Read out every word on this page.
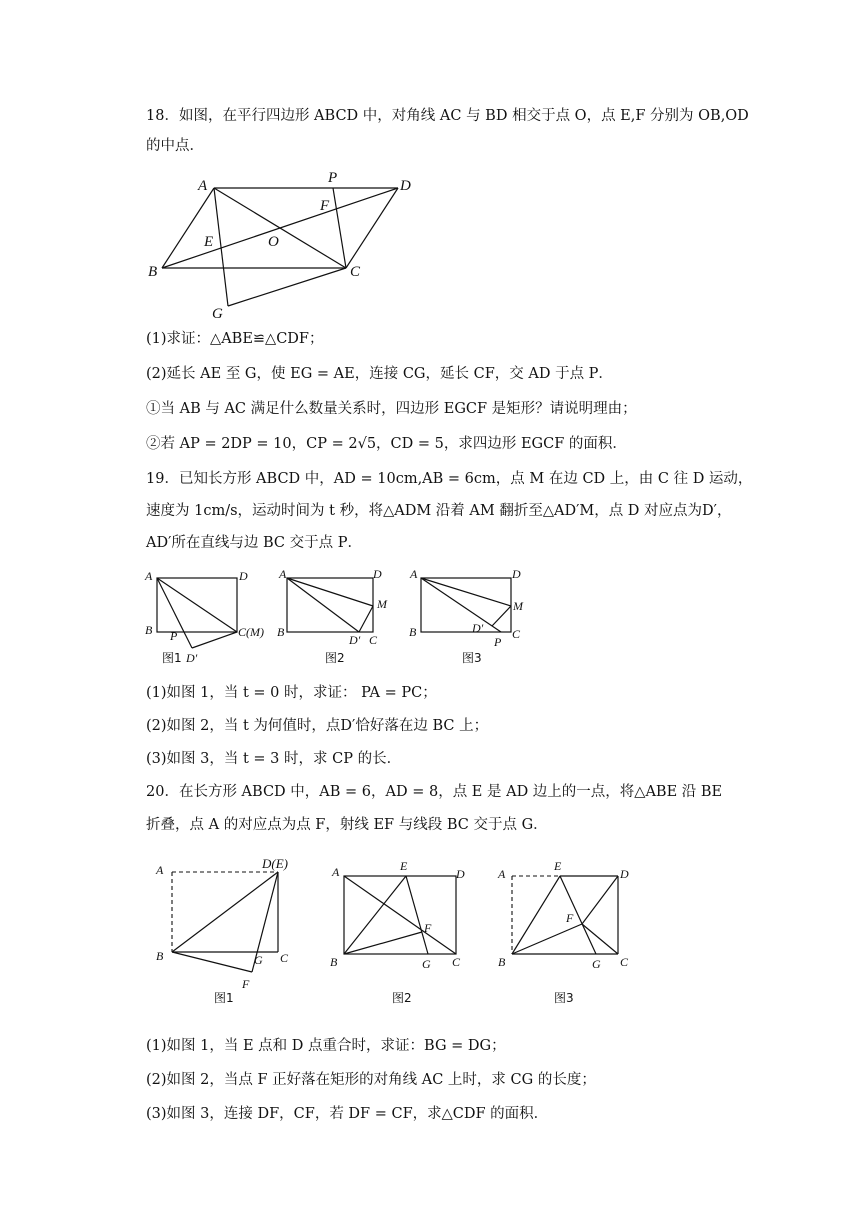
18．如图，在平行四边形 ABCD 中，对角线 AC 与 BD 相交于点 O，点 E,F 分别为 OB,OD
的中点．
A	P	D
F
E	O
B	C
G
(1)求证：△ABE≌△CDF；
(2)延长 AE 至 G，使 EG = AE，连接 CG，延长 CF，交 AD 于点 P．
①当 AB 与 AC 满足什么数量关系时，四边形 EGCF 是矩形？请说明理由；
②若 AP = 2DP = 10，CP = 2√5，CD = 5，求四边形 EGCF 的面积．
19．已知长方形 ABCD 中，AD = 10cm,AB = 6cm，点 M 在边 CD 上，由 C 往 D 运动，
速度为 1cm/s，运动时间为 t 秒，将△ADM 沿着 AM 翻折至△AD′M，点 D 对应点为D′，
AD′所在直线与边 BC 交于点 P．
A	D
B P	C(M)
D′
图1
A	D
M
B
D′ C
图2
A	D
M
B	D′ C
P
图3
(1)如图 1，当 t = 0 时，求证： PA = PC；
(2)如图 2，当 t 为何值时，点D′恰好落在边 BC 上；
(3)如图 3，当 t = 3 时，求 CP 的长．
20．在长方形 ABCD 中，AB = 6，AD = 8，点 E 是 AD 边上的一点，将△ABE 沿 BE
折叠，点 A 的对应点为点 F，射线 EF 与线段 BC 交于点 G．
A	D(E)
B	G C
F
图1
A	E
D
F
B	G C
图2
A
E
D
F
B	G C
图3
(1)如图 1，当 E 点和 D 点重合时，求证：BG = DG；
(2)如图 2，当点 F 正好落在矩形的对角线 AC 上时，求 CG 的长度；
(3)如图 3，连接 DF，CF，若 DF = CF，求△CDF 的面积．
